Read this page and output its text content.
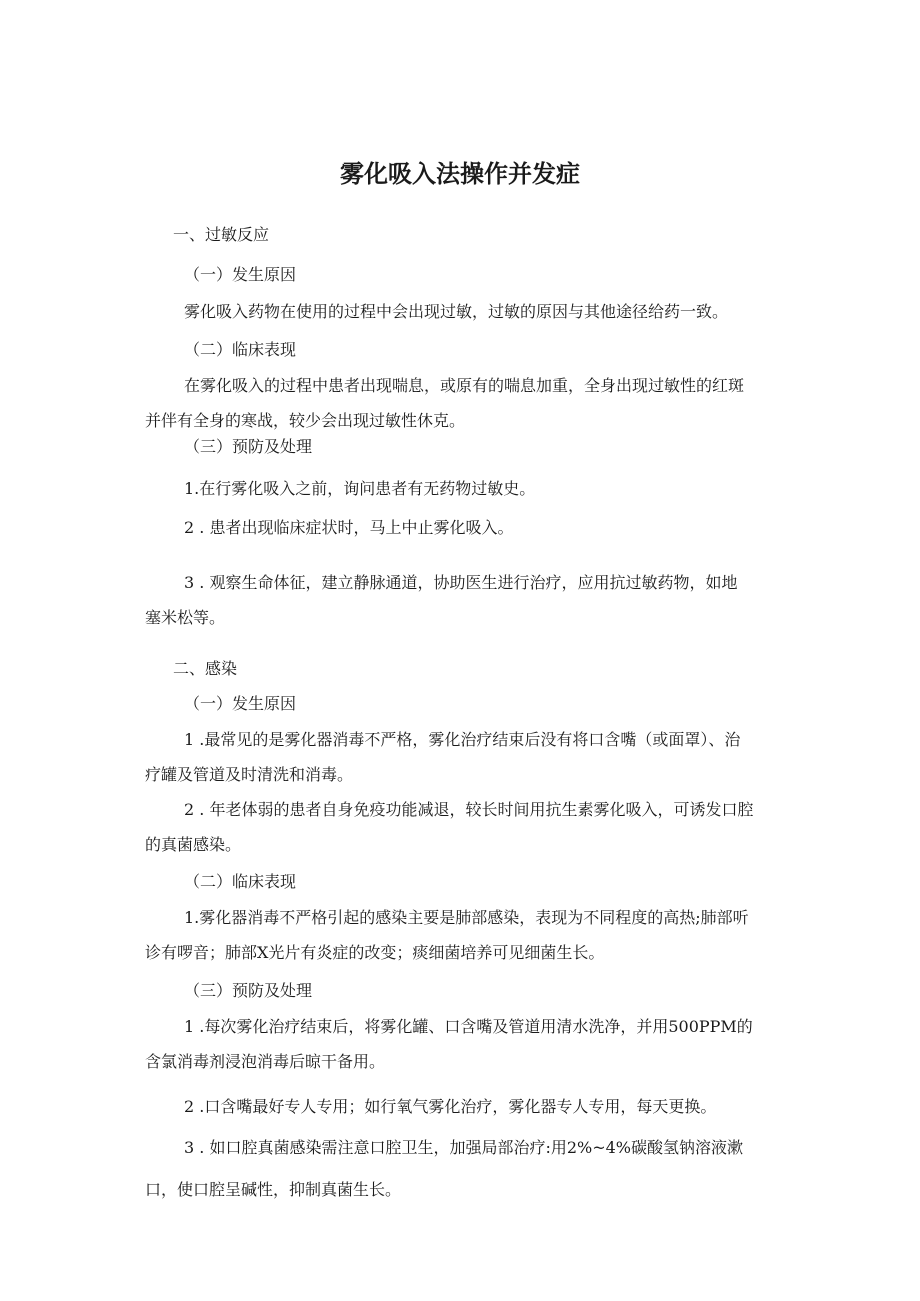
雾化吸入法操作并发症

一、过敏反应

（一）发生原因

雾化吸入药物在使用的过程中会出现过敏，过敏的原因与其他途径给药一致。

（二）临床表现

在雾化吸入的过程中患者出现喘息，或原有的喘息加重，全身出现过敏性的红斑

并伴有全身的寒战，较少会出现过敏性休克。

（三）预防及处理

1.在行雾化吸入之前，询问患者有无药物过敏史。

2 . 患者出现临床症状时，马上中止雾化吸入。

3 . 观察生命体征，建立静脉通道，协助医生进行治疗，应用抗过敏药物，如地

塞米松等。

二、感染

（一）发生原因

1 .最常见的是雾化器消毒不严格，雾化治疗结束后没有将口含嘴（或面罩）、治

疗罐及管道及时清洗和消毒。

2 . 年老体弱的患者自身免疫功能减退，较长时间用抗生素雾化吸入，可诱发口腔

的真菌感染。

（二）临床表现

1.雾化器消毒不严格引起的感染主要是肺部感染，表现为不同程度的高热;肺部听

诊有啰音；肺部X光片有炎症的改变；痰细菌培养可见细菌生长。

（三）预防及处理

1 .每次雾化治疗结束后，将雾化罐、口含嘴及管道用清水洗净，并用500PPM的

含氯消毒剂浸泡消毒后晾干备用。

2 .口含嘴最好专人专用；如行氧气雾化治疗，雾化器专人专用，每天更换。

3 . 如口腔真菌感染需注意口腔卫生，加强局部治疗:用2%~4%碳酸氢钠溶液漱

口，使口腔呈碱性，抑制真菌生长。
